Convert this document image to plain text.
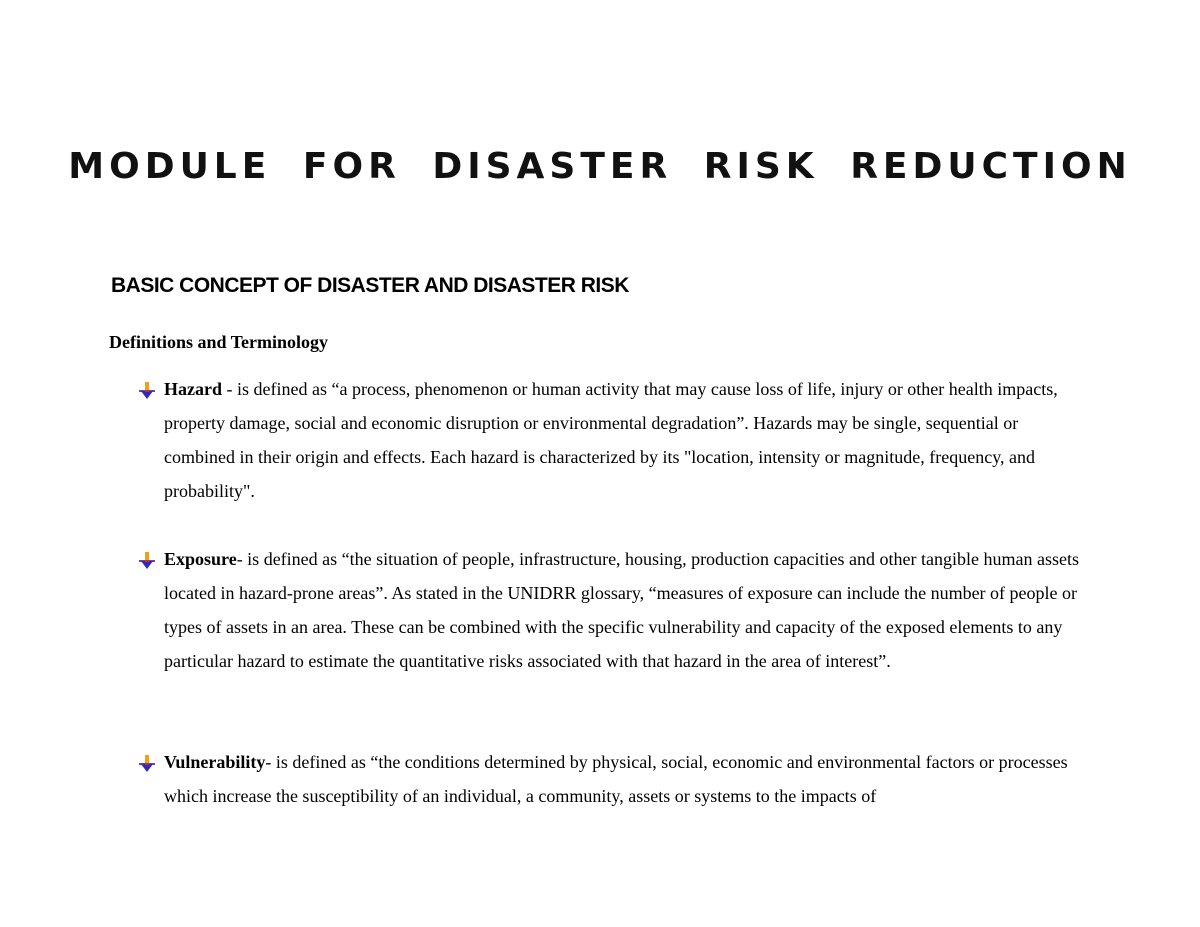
MODULE FOR DISASTER RISK REDUCTION
BASIC CONCEPT OF DISASTER AND DISASTER RISK
Definitions and Terminology
Hazard - is defined as “a process, phenomenon or human activity that may cause loss of life, injury or other health impacts, property damage, social and economic disruption or environmental degradation”. Hazards may be single, sequential or combined in their origin and effects. Each hazard is characterized by its "location, intensity or magnitude, frequency, and probability".
Exposure- is defined as “the situation of people, infrastructure, housing, production capacities and other tangible human assets located in hazard-prone areas”. As stated in the UNIDRR glossary, “measures of exposure can include the number of people or types of assets in an area. These can be combined with the specific vulnerability and capacity of the exposed elements to any particular hazard to estimate the quantitative risks associated with that hazard in the area of interest”.
Vulnerability- is defined as “the conditions determined by physical, social, economic and environmental factors or processes which increase the susceptibility of an individual, a community, assets or systems to the impacts of
